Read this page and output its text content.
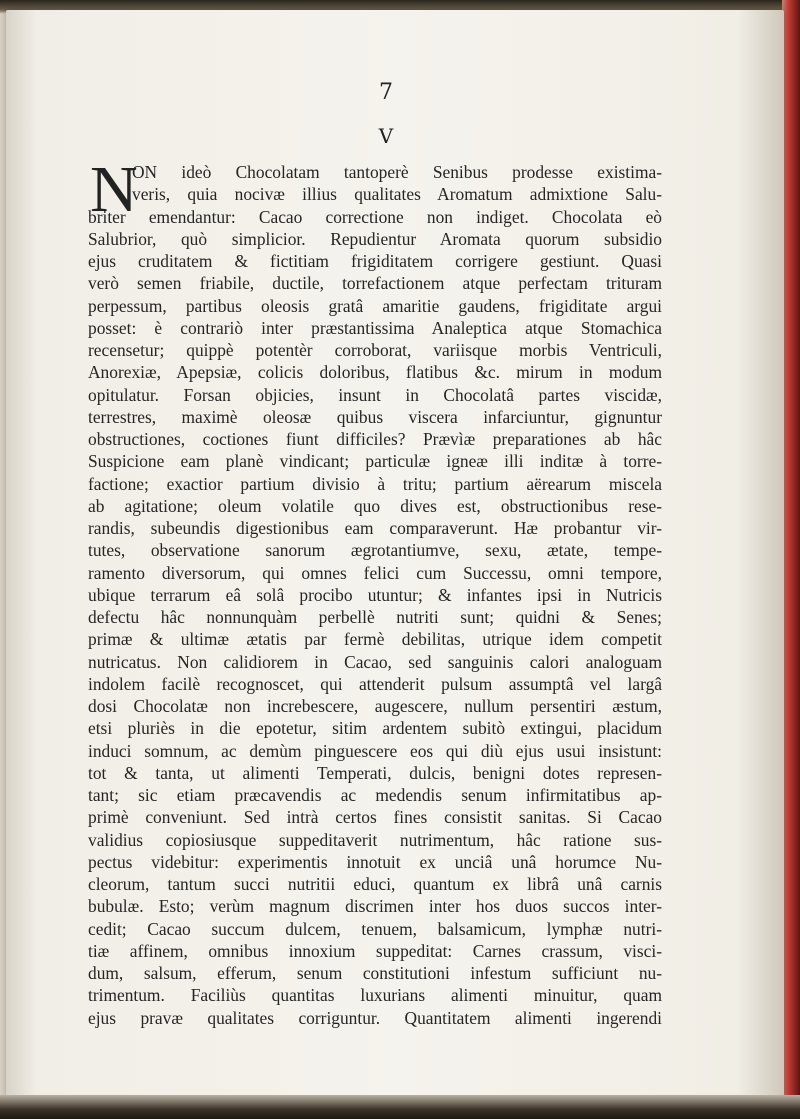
7
V
N
ON ideò Chocolatam tantoperè Senibus prodesse existima-
veris, quia nocivæ illius qualitates Aromatum admixtione Salu-
briter emendantur: Cacao correctione non indiget. Chocolata eò
Salubrior, quò simplicior. Repudientur Aromata quorum subsidio
ejus cruditatem & fictitiam frigiditatem corrigere gestiunt. Quasi
verò semen friabile, ductile, torrefactionem atque perfectam trituram
perpessum, partibus oleosis gratâ amaritie gaudens, frigiditate argui
posset: è contrariò inter præstantissima Analeptica atque Stomachica
recensetur; quippè potentèr corroborat, variisque morbis Ventriculi,
Anorexiæ, Apepsiæ, colicis doloribus, flatibus &c. mirum in modum
opitulatur. Forsan objicies, insunt in Chocolatâ partes viscidæ,
terrestres, maximè oleosæ quibus viscera infarciuntur, gignuntur
obstructiones, coctiones fiunt difficiles? Prævìæ preparationes ab hâc
Suspicione eam planè vindicant; particulæ igneæ illi inditæ à torre-
factione; exactior partium divisio à tritu; partium aërearum miscela
ab agitatione; oleum volatile quo dives est, obstructionibus rese-
randis, subeundis digestionibus eam comparaverunt. Hæ probantur vir-
tutes, observatione sanorum ægrotantiumve, sexu, ætate, tempe-
ramento diversorum, qui omnes felici cum Successu, omni tempore,
ubique terrarum eâ solâ procibo utuntur; & infantes ipsi in Nutricis
defectu hâc nonnunquàm perbellè nutriti sunt; quidni & Senes;
primæ & ultimæ ætatis par fermè debilitas, utrique idem competit
nutricatus. Non calidiorem in Cacao, sed sanguinis calori analoguam
indolem facilè recognoscet, qui attenderit pulsum assumptâ vel largâ
dosi Chocolatæ non increbescere, augescere, nullum persentiri æstum,
etsi pluriès in die epotetur, sitim ardentem subitò extingui, placidum
induci somnum, ac demùm pinguescere eos qui diù ejus usui insistunt:
tot & tanta, ut alimenti Temperati, dulcis, benigni dotes represen-
tant; sic etiam præcavendis ac medendis senum infirmitatibus ap-
primè conveniunt. Sed intrà certos fines consistit sanitas. Si Cacao
validius copiosiusque suppeditaverit nutrimentum, hâc ratione sus-
pectus videbitur: experimentis innotuit ex unciâ unâ horumce Nu-
cleorum, tantum succi nutritii educi, quantum ex librâ unâ carnis
bubulæ. Esto; verùm magnum discrimen inter hos duos succos inter-
cedit; Cacao succum dulcem, tenuem, balsamicum, lymphæ nutri-
tiæ affinem, omnibus innoxium suppeditat: Carnes crassum, visci-
dum, salsum, efferum, senum constitutioni infestum sufficiunt nu-
trimentum. Faciliùs quantitas luxurians alimenti minuitur, quam
ejus pravæ qualitates corriguntur. Quantitatem alimenti ingerendi
